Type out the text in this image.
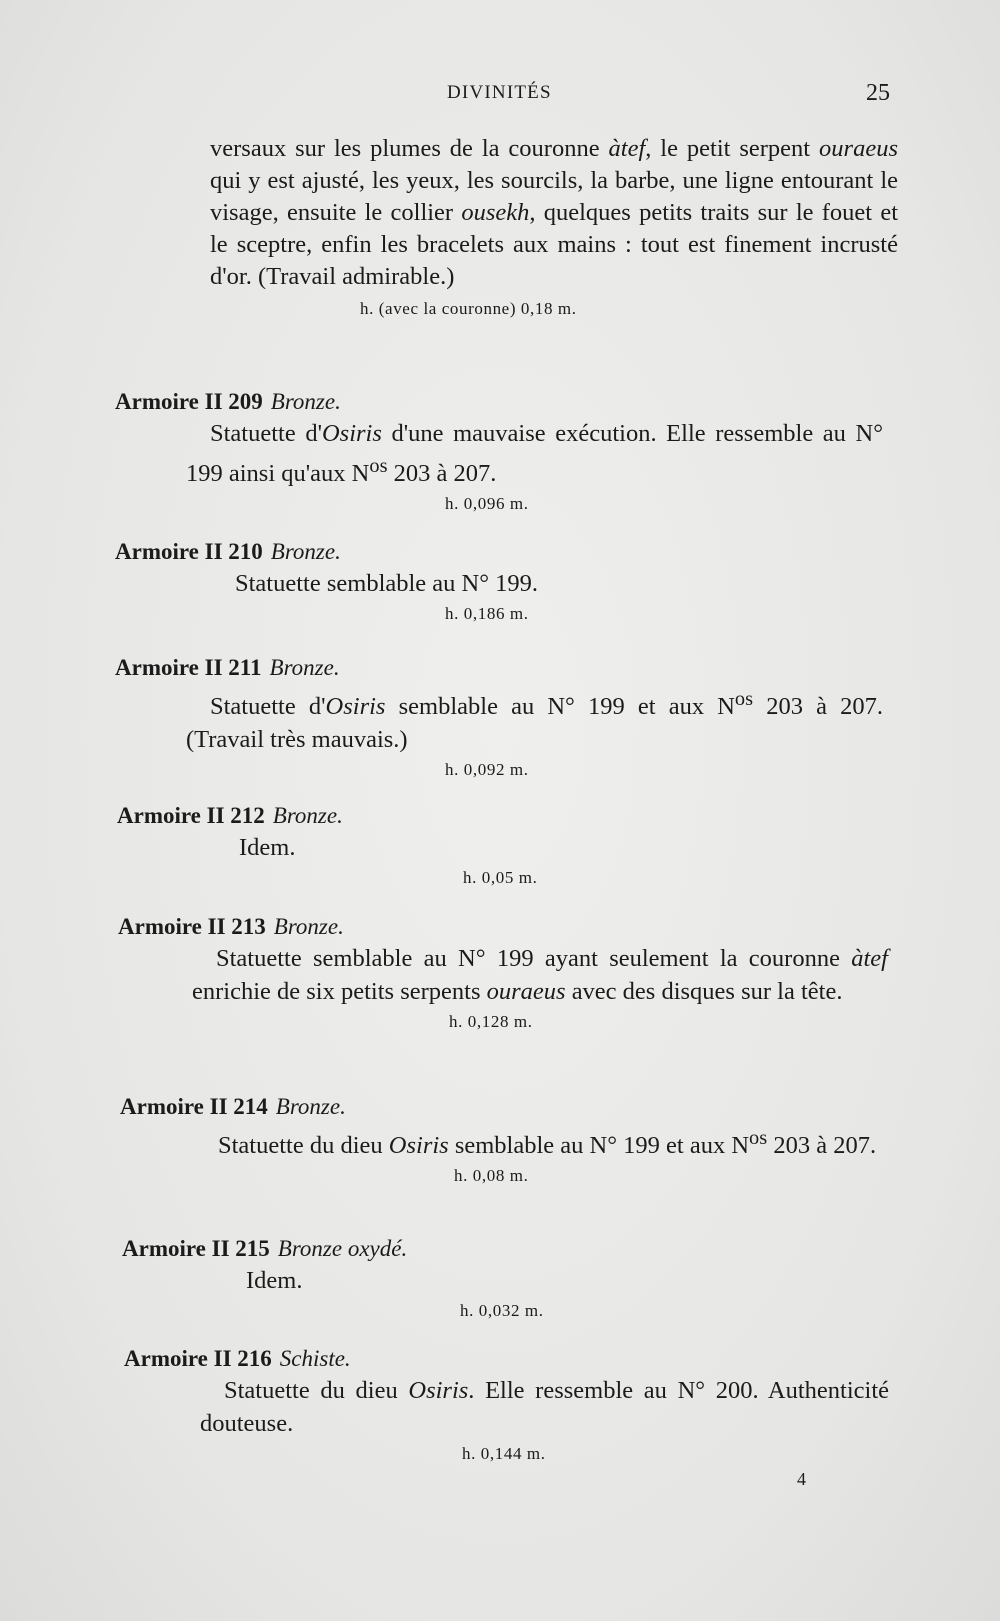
DIVINITÉS	25

versaux sur les plumes de la couronne àtef, le petit serpent ouraeus qui y est ajusté, les yeux, les sourcils, la barbe, une ligne entourant le visage, ensuite le collier ousekh, quelques petits traits sur le fouet et le sceptre, enfin les bracelets aux mains : tout est finement incrusté d'or. (Travail admirable.)

h. (avec la couronne) 0,18 m.

Armoire II 209 Bronze.

Statuette d'Osiris d'une mauvaise exécution. Elle ressemble au N° 199 ainsi qu'aux $N^{os}$ 203 à 207.

h. 0,096 m.

Armoire II 210 Bronze.

Statuette semblable au N° 199.

h. 0,186 m.

Armoire II 211 Bronze.

Statuette d'Osiris semblable au N° 199 et aux $N^{os}$ 203 à 207. (Travail très mauvais.)

h. 0,092 m.

Armoire II 212 Bronze.

Idem.

h. 0,05 m.

Armoire II 213 Bronze.

Statuette semblable au N° 199 ayant seulement la couronne àtef enrichie de six petits serpents ouraeus avec des disques sur la tête.

h. 0,128 m.

Armoire II 214 Bronze.

Statuette du dieu Osiris semblable au N° 199 et aux $N^{os}$ 203 à 207.

h. 0,08 m.

Armoire II 215 Bronze oxydé.

Idem.

h. 0,032 m.

Armoire II 216 Schiste.

Statuette du dieu Osiris. Elle ressemble au N° 200. Authenticité douteuse.

h. 0,144 m.

4
